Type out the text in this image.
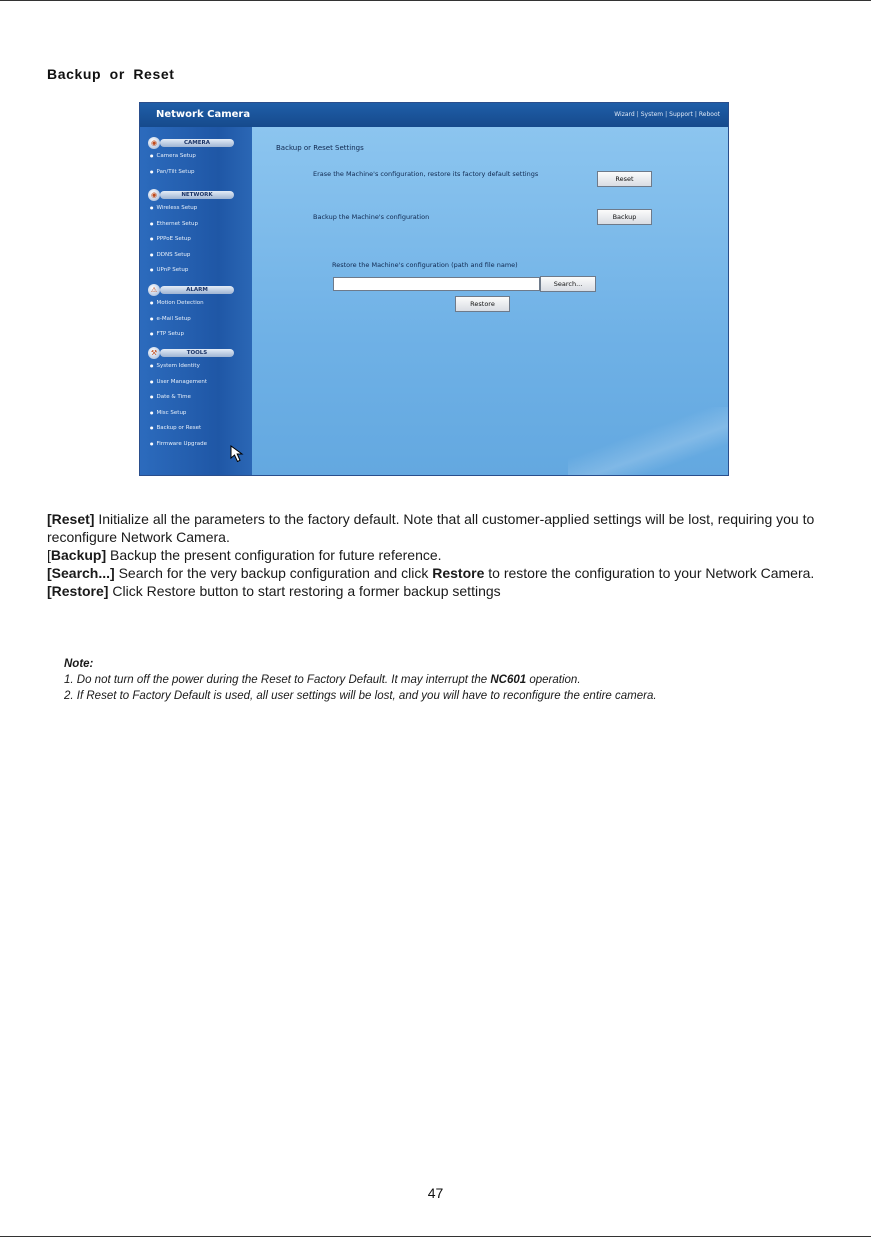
Backup or Reset
Network Camera	Wizard | System | Support | Reboot
◉	CAMERA
● Camera Setup
● Pan/Tilt Setup
◉	NETWORK
● Wireless Setup
● Ethernet Setup
● PPPoE Setup
● DDNS Setup
● UPnP Setup
⚠	ALARM
● Motion Detection
● e-Mail Setup
● FTP Setup
⚒	TOOLS
● System Identity
● User Management
● Date & Time
● Misc Setup
● Backup or Reset
● Firmware Upgrade
Backup or Reset Settings
Erase the Machine's configuration, restore its factory default settings
Reset
Backup the Machine's configuration	Backup
Restore the Machine's configuration (path and file name)
Search...
Restore

[Reset] Initialize all the parameters to the factory default. Note that all customer-applied settings will be lost, requiring you to reconfigure Network Camera.

[Backup] Backup the present configuration for future reference.

[Search...] Search for the very backup configuration and click Restore to restore the configuration to your Network Camera.

[Restore] Click Restore button to start restoring a former backup settings

Note:

1. Do not turn off the power during the Reset to Factory Default. It may interrupt the NC601 operation.

2. If Reset to Factory Default is used, all user settings will be lost, and you will have to reconfigure the entire camera.

47
